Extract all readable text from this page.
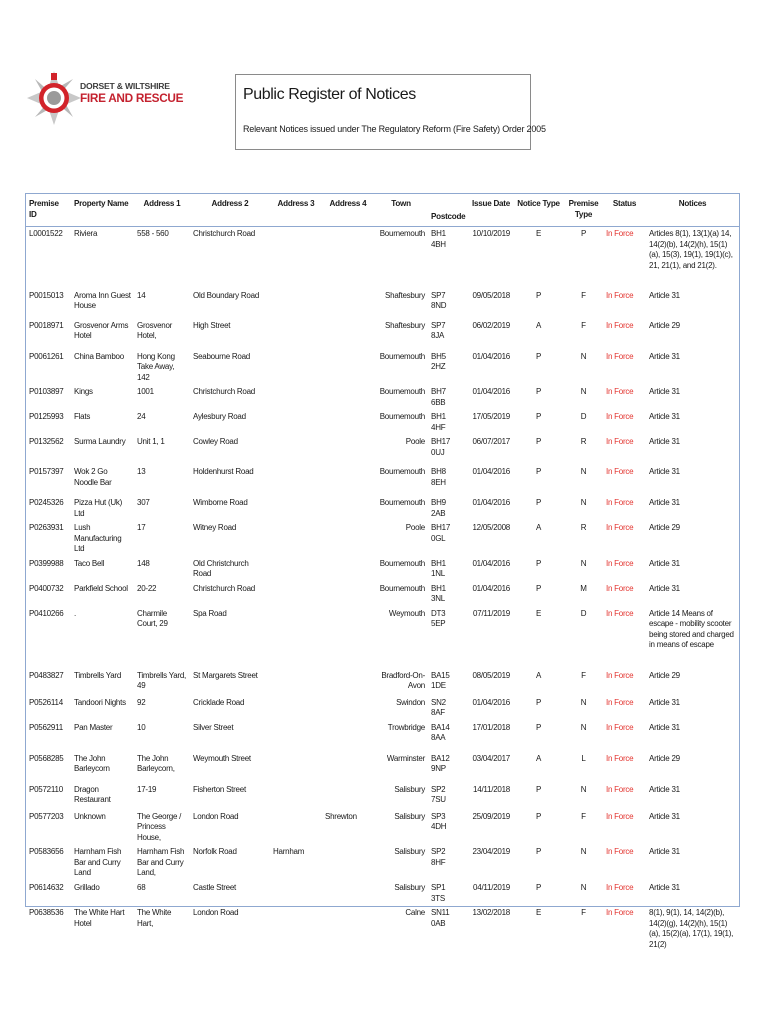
DORSET & WILTSHIRE
FIRE AND RESCUE	Public Register of Notices
Relevant Notices issued under The Regulatory Reform (Fire Safety) Order 2005
Premise ID	Property Name	Address 1	Address 2	Address 3	Address 4	Town	Postcode	Issue Date	Notice Type	Premise Type	Status	Notices
L0001522	Riviera	558 - 560	Christchurch Road			Bournemouth	BH1 4BH	10/10/2019	E	P	In Force	Articles 8(1), 13(1)(a) 14, 14(2)(b), 14(2)(h), 15(1)(a), 15(3), 19(1), 19(1)(c), 21, 21(1), and 21(2).
P0015013	Aroma Inn Guest House	14	Old Boundary Road			Shaftesbury	SP7 8ND	09/05/2018	P	F	In Force	Article 31
P0018971	Grosvenor Arms Hotel	Grosvenor Hotel,	High Street			Shaftesbury	SP7 8JA	06/02/2019	A	F	In Force	Article 29
P0061261	China Bamboo	Hong Kong Take Away, 142	Seabourne Road			Bournemouth	BH5 2HZ	01/04/2016	P	N	In Force	Article 31
P0103897	Kings	1001	Christchurch Road			Bournemouth	BH7 6BB	01/04/2016	P	N	In Force	Article 31
P0125993	Flats	24	Aylesbury Road			Bournemouth	BH1 4HF	17/05/2019	P	D	In Force	Article 31
P0132562	Surma Laundry	Unit 1, 1	Cowley Road			Poole	BH17 0UJ	06/07/2017	P	R	In Force	Article 31
P0157397	Wok 2 Go Noodle Bar	13	Holdenhurst Road			Bournemouth	BH8 8EH	01/04/2016	P	N	In Force	Article 31
P0245326	Pizza Hut (Uk) Ltd	307	Wimborne Road			Bournemouth	BH9 2AB	01/04/2016	P	N	In Force	Article 31
P0263931	Lush Manufacturing Ltd	17	Witney Road			Poole	BH17 0GL	12/05/2008	A	R	In Force	Article 29
P0399988	Taco Bell	148	Old Christchurch Road			Bournemouth	BH1 1NL	01/04/2016	P	N	In Force	Article 31
P0400732	Parkfield School	20-22	Christchurch Road			Bournemouth	BH1 3NL	01/04/2016	P	M	In Force	Article 31
P0410266	.	Charmile Court, 29	Spa Road			Weymouth	DT3 5EP	07/11/2019	E	D	In Force	Article 14 Means of escape - mobility scooter being stored and charged in means of escape
P0483827	Timbrells Yard	Timbrells Yard, 49	St Margarets Street			Bradford-On-Avon	BA15 1DE	08/05/2019	A	F	In Force	Article 29
P0526114	Tandoori Nights	92	Cricklade Road			Swindon	SN2 8AF	01/04/2016	P	N	In Force	Article 31
P0562911	Pan Master	10	Silver Street			Trowbridge	BA14 8AA	17/01/2018	P	N	In Force	Article 31
P0568285	The John Barleycorn	The John Barleycorn,	Weymouth Street			Warminster	BA12 9NP	03/04/2017	A	L	In Force	Article 29
P0572110	Dragon Restaurant	17-19	Fisherton Street			Salisbury	SP2 7SU	14/11/2018	P	N	In Force	Article 31
P0577203	Unknown	The George / Princess House,	London Road		Shrewton	Salisbury	SP3 4DH	25/09/2019	P	F	In Force	Article 31
P0583656	Harnham Fish Bar and Curry Land	Harnham Fish Bar and Curry Land,	Norfolk Road	Harnham		Salisbury	SP2 8HF	23/04/2019	P	N	In Force	Article 31
P0614632	Grillado	68	Castle Street			Salisbury	SP1 3TS	04/11/2019	P	N	In Force	Article 31
P0638536	The White Hart Hotel	The White Hart,	London Road			Calne	SN11 0AB	13/02/2018	E	F	In Force	8(1), 9(1), 14, 14(2)(b), 14(2)(g), 14(2)(h), 15(1)(a), 15(2)(a), 17(1), 19(1), 21(2)
